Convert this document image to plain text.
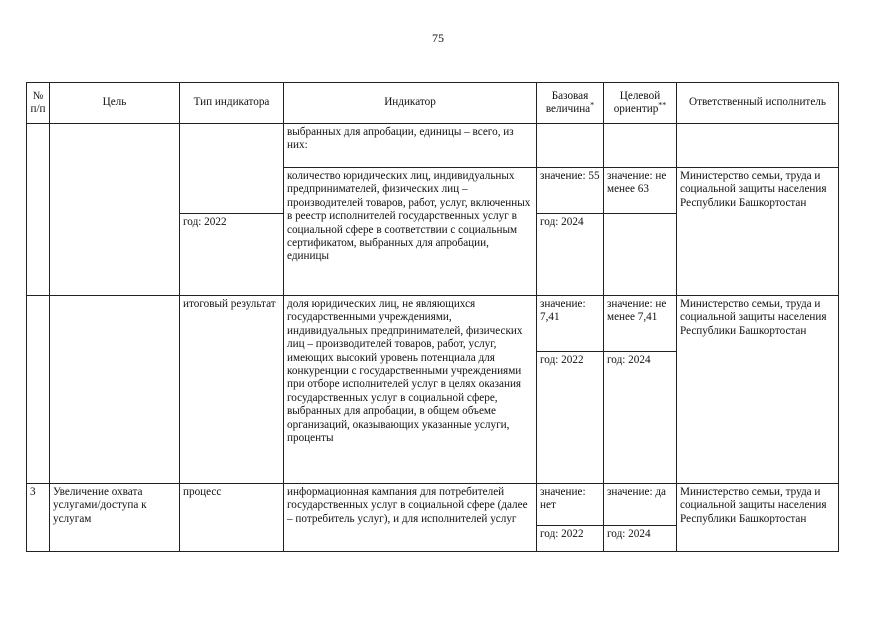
75
№ п/п	Цель	Тип индикатора	Индикатор	Базовая величина*	Целевой ориентир**	Ответственный исполнитель
			выбранных для апробации, единицы – всего, из них:			
			количество юридических лиц, индивидуальных предпринимателей, физических лиц – производителей товаров, работ, услуг, включенных в реестр исполнителей государственных услуг в социальной сфере в соответствии с социальным сертификатом, выбранных для апробации, единицы	значение: 55	значение: не менее 63	Министерство семьи, труда и социальной защиты населения Республики Башкортостан
		год: 2022		год: 2024		
		итоговый результат	доля юридических лиц, не являющихся государственными учреждениями, индивидуальных предпринимателей, физических лиц – производителей товаров, работ, услуг, имеющих высокий уровень потенциала для конкуренции с государственными учреждениями при отборе исполнителей услуг в целях оказания государственных услуг в социальной сфере, выбранных для апробации, в общем объеме организаций, оказывающих указанные услуги, проценты	значение: 7,41	значение: не менее 7,41	Министерство семьи, труда и социальной защиты населения Республики Башкортостан
				год: 2022	год: 2024	
3	Увеличение охвата услугами/доступа к услугам	процесс	информационная кампания для потребителей государственных услуг в социальной сфере (далее – потребитель услуг), и для исполнителей услуг	значение: нет	значение: да	Министерство семьи, труда и социальной защиты населения Республики Башкортостан
				год: 2022	год: 2024	
